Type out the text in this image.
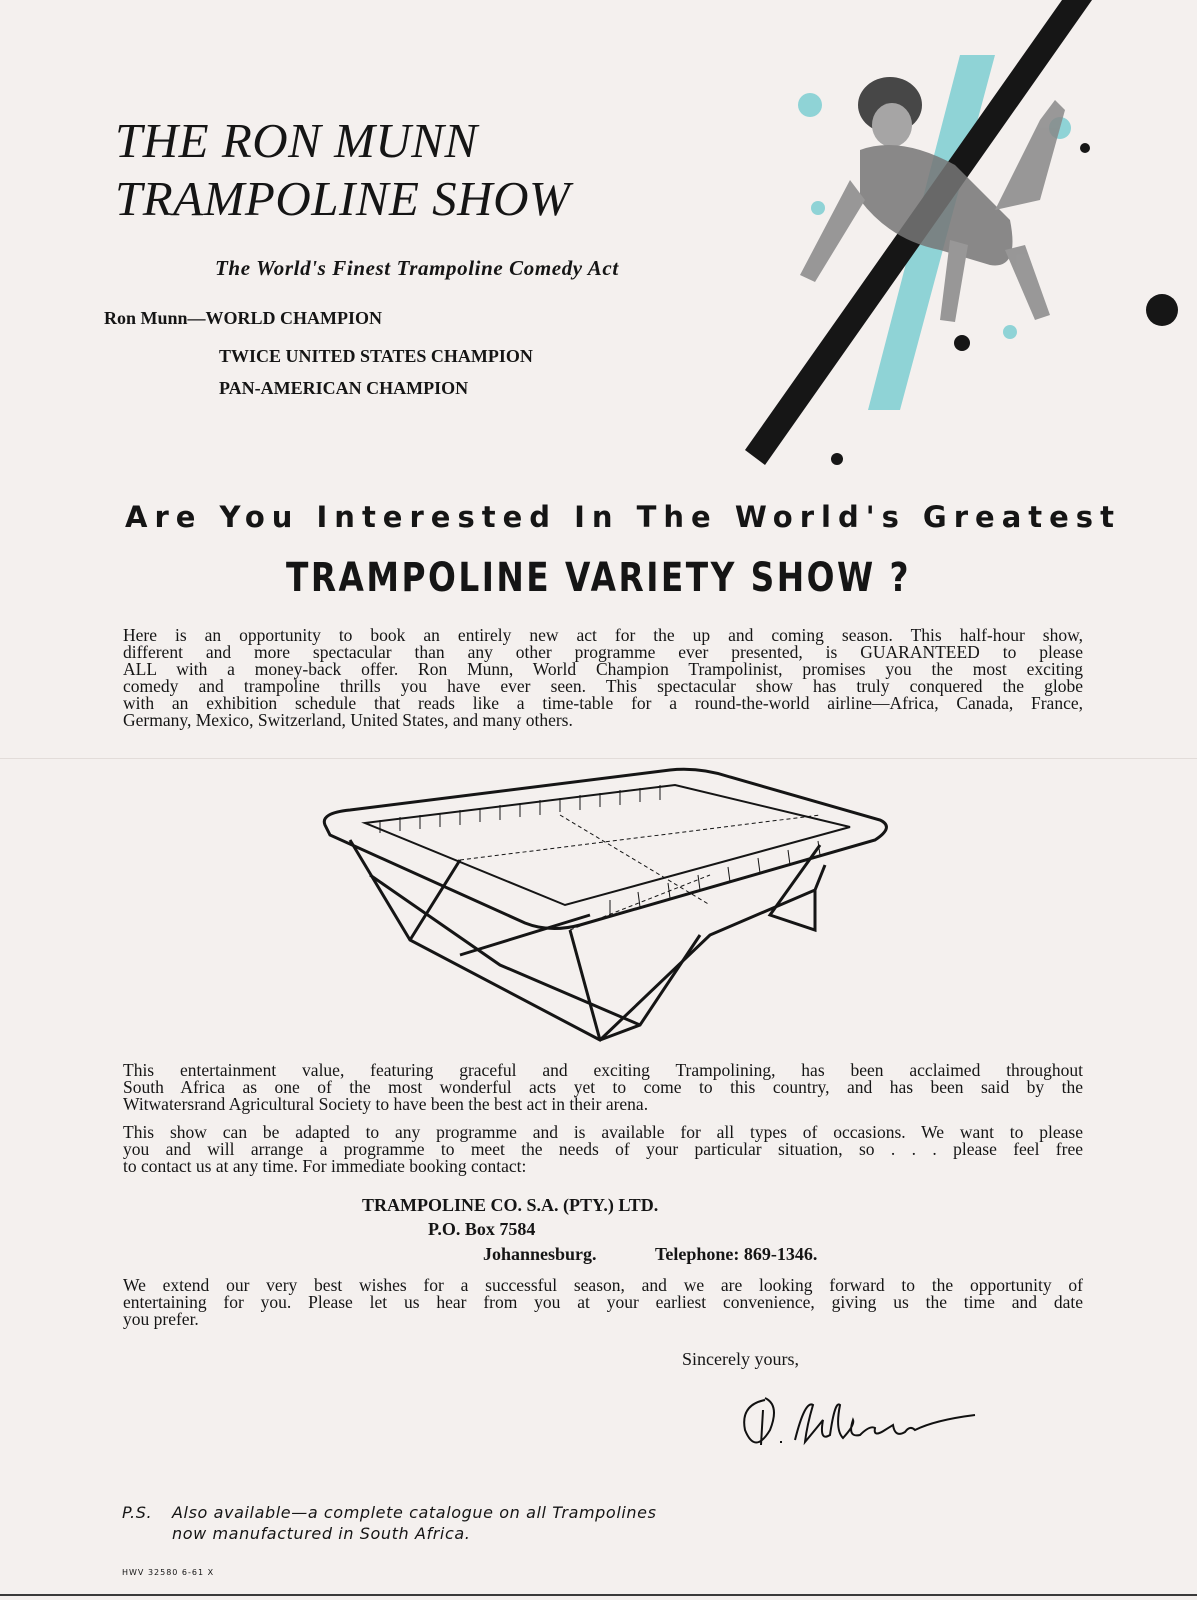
THE RON MUNN
TRAMPOLINE SHOW
The World's Finest Trampoline Comedy Act
Ron Munn—WORLD CHAMPION
TWICE UNITED STATES CHAMPION
PAN-AMERICAN CHAMPION
Are You Interested In The World's Greatest
TRAMPOLINE VARIETY SHOW ?
Here is an opportunity to book an entirely new act for the up and coming season. This half-hour show,
different and more spectacular than any other programme ever presented, is GUARANTEED to please
ALL with a money-back offer. Ron Munn, World Champion Trampolinist, promises you the most exciting
comedy and trampoline thrills you have ever seen. This spectacular show has truly conquered the globe
with an exhibition schedule that reads like a time-table for a round-the-world airline—Africa, Canada, France,
Germany, Mexico, Switzerland, United States, and many others.
This entertainment value, featuring graceful and exciting Trampolining, has been acclaimed throughout
South Africa as one of the most wonderful acts yet to come to this country, and has been said by the
Witwatersrand Agricultural Society to have been the best act in their arena.
This show can be adapted to any programme and is available for all types of occasions. We want to please
you and will arrange a programme to meet the needs of your particular situation, so . . . please feel free
to contact us at any time. For immediate booking contact:
TRAMPOLINE CO. S.A. (PTY.) LTD.
P.O. Box 7584
Johannesburg.	Telephone: 869-1346.
We extend our very best wishes for a successful season, and we are looking forward to the opportunity of
entertaining for you. Please let us hear from you at your earliest convenience, giving us the time and date
you prefer.
Sincerely yours,
P.S. Also available—a complete catalogue on all Trampolines
now manufactured in South Africa.
HWV 32580 6-61 X
